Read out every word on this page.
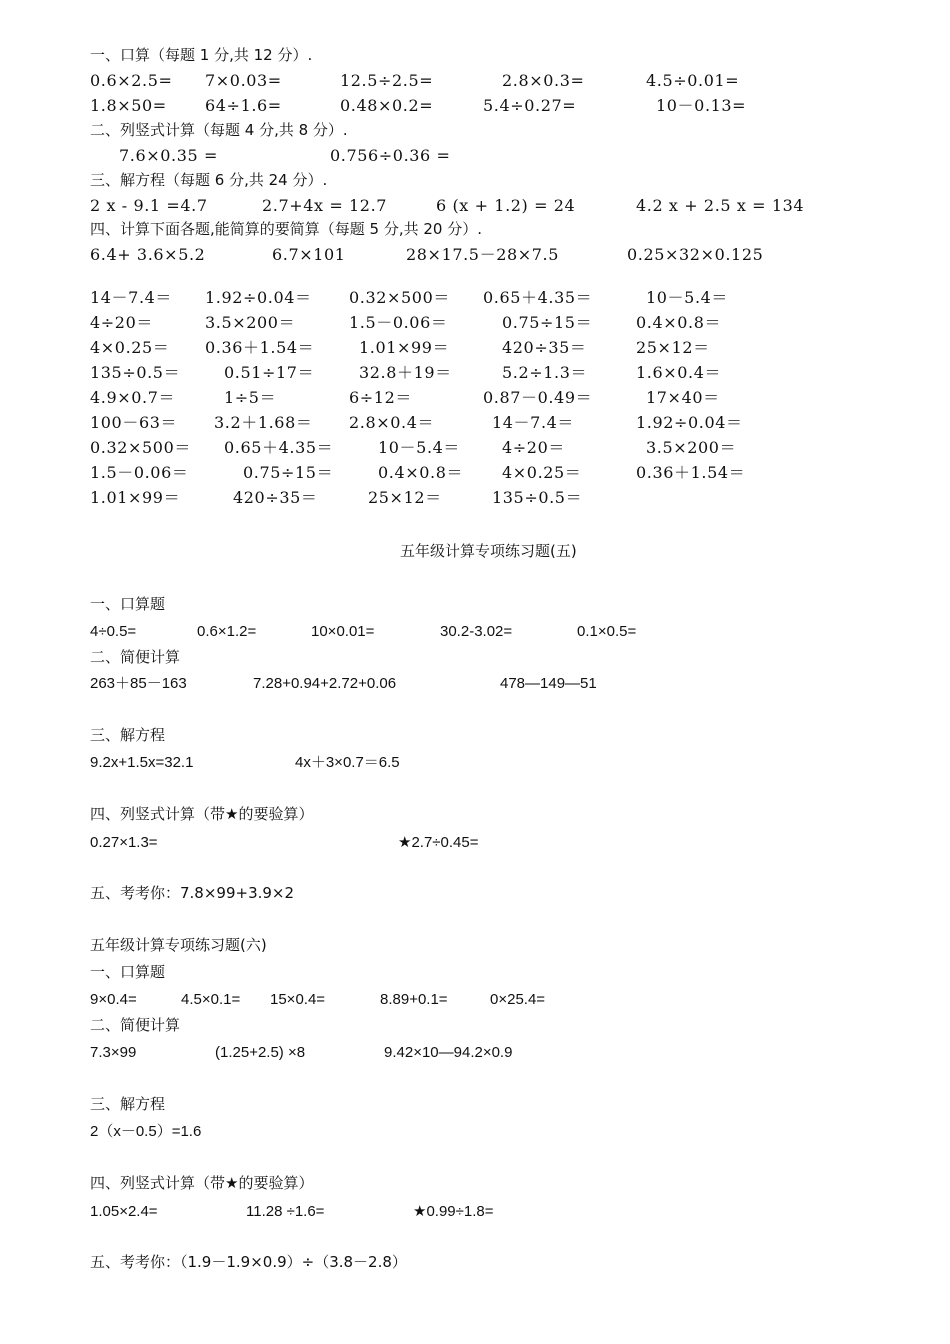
一、口算（每题 1 分,共 12 分）.
0.6×2.5= 7×0.03=	12.5÷2.5=	2.8×0.3=	4.5÷0.01=
1.8×50= 64÷1.6=	0.48×0.2=	5.4÷0.27=	10－0.13=
二、列竖式计算（每题 4 分,共 8 分）.
7.6×0.35 =	0.756÷0.36 =
三、解方程（每题 6 分,共 24 分）.
2 x - 9.1 =4.7	2.7+4x = 12.7	6 (x + 1.2) = 24	4.2 x + 2.5 x = 134
四、计算下面各题,能简算的要简算（每题 5 分,共 20 分）.
6.4+ 3.6×5.2	6.7×101	28×17.5－28×7.5	0.25×32×0.125
14－7.4＝ 1.92÷0.04＝ 0.32×500＝ 0.65＋4.35＝	10－5.4＝
4÷20＝	3.5×200＝	1.5－0.06＝	0.75÷15＝	0.4×0.8＝
4×0.25＝ 0.36＋1.54＝	1.01×99＝	420÷35＝	25×12＝
135÷0.5＝	0.51÷17＝	32.8＋19＝	5.2÷1.3＝	1.6×0.4＝
4.9×0.7＝	1÷5＝	6÷12＝	0.87－0.49＝	17×40＝
100－63＝ 3.2＋1.68＝ 2.8×0.4＝	14－7.4＝	1.92÷0.04＝
0.32×500＝ 0.65＋4.35＝	10－5.4＝	4÷20＝	3.5×200＝
1.5－0.06＝	0.75÷15＝	0.4×0.8＝ 4×0.25＝	0.36＋1.54＝
1.01×99＝	420÷35＝	25×12＝	135÷0.5＝
五年级计算专项练习题(五)
一、口算题
4÷0.5=	0.6×1.2=	10×0.01=	30.2-3.02=	0.1×0.5=
二、简便计算
263＋85－163	7.28+0.94+2.72+0.06	478—149—51
三、解方程
9.2x+1.5x=32.1	4x＋3×0.7＝6.5
四、列竖式计算（带★的要验算）
0.27×1.3=	★2.7÷0.45=
五、考考你：7.8×99+3.9×2
五年级计算专项练习题(六)
一、口算题
9×0.4=	4.5×0.1= 15×0.4=	8.89+0.1=	0×25.4=
二、简便计算
7.3×99	(1.25+2.5) ×8	9.42×10—94.2×0.9
三、解方程
2（x－0.5）=1.6
四、列竖式计算（带★的要验算）
1.05×2.4=	11.28 ÷1.6=	★0.99÷1.8=
五、考考你：（1.9－1.9×0.9）÷（3.8－2.8）
